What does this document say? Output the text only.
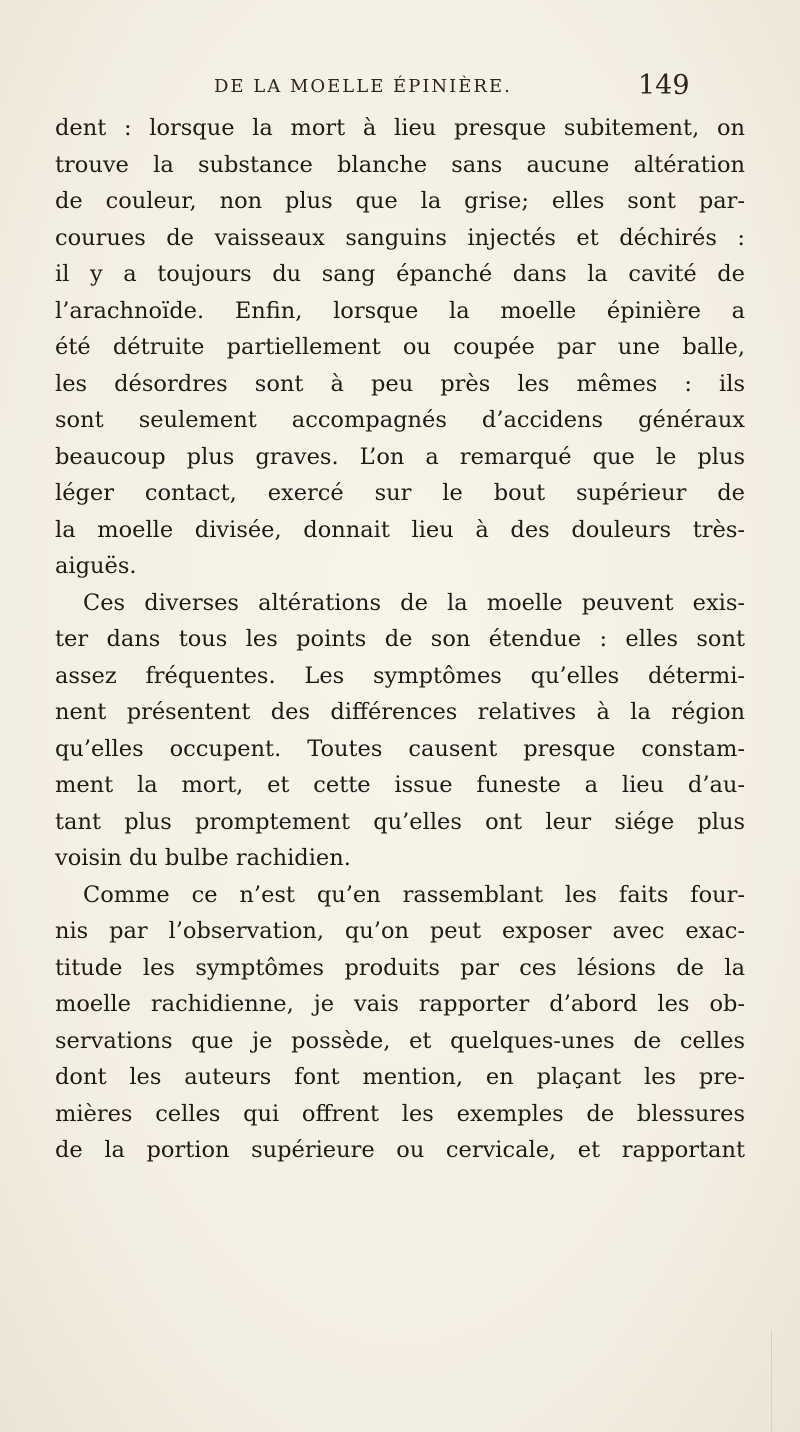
DE LA MOELLE ÉPINIÈRE.	149
dent : lorsque la mort à lieu presque subitement, on
trouve la substance blanche sans aucune altération
de couleur, non plus que la grise; elles sont par-
courues de vaisseaux sanguins injectés et déchirés :
il y a toujours du sang épanché dans la cavité de
l’arachnoïde. Enfin, lorsque la moelle épinière a
été détruite partiellement ou coupée par une balle,
les désordres sont à peu près les mêmes : ils
sont seulement accompagnés d’accidens généraux
beaucoup plus graves. L’on a remarqué que le plus
léger contact, exercé sur le bout supérieur de
la moelle divisée, donnait lieu à des douleurs très-
aiguës.
Ces diverses altérations de la moelle peuvent exis-
ter dans tous les points de son étendue : elles sont
assez fréquentes. Les symptômes qu’elles détermi-
nent présentent des différences relatives à la région
qu’elles occupent. Toutes causent presque constam-
ment la mort, et cette issue funeste a lieu d’au-
tant plus promptement qu’elles ont leur siége plus
voisin du bulbe rachidien.
Comme ce n’est qu’en rassemblant les faits four-
nis par l’observation, qu’on peut exposer avec exac-
titude les symptômes produits par ces lésions de la
moelle rachidienne, je vais rapporter d’abord les ob-
servations que je possède, et quelques-unes de celles
dont les auteurs font mention, en plaçant les pre-
mières celles qui offrent les exemples de blessures
de la portion supérieure ou cervicale, et rapportant
